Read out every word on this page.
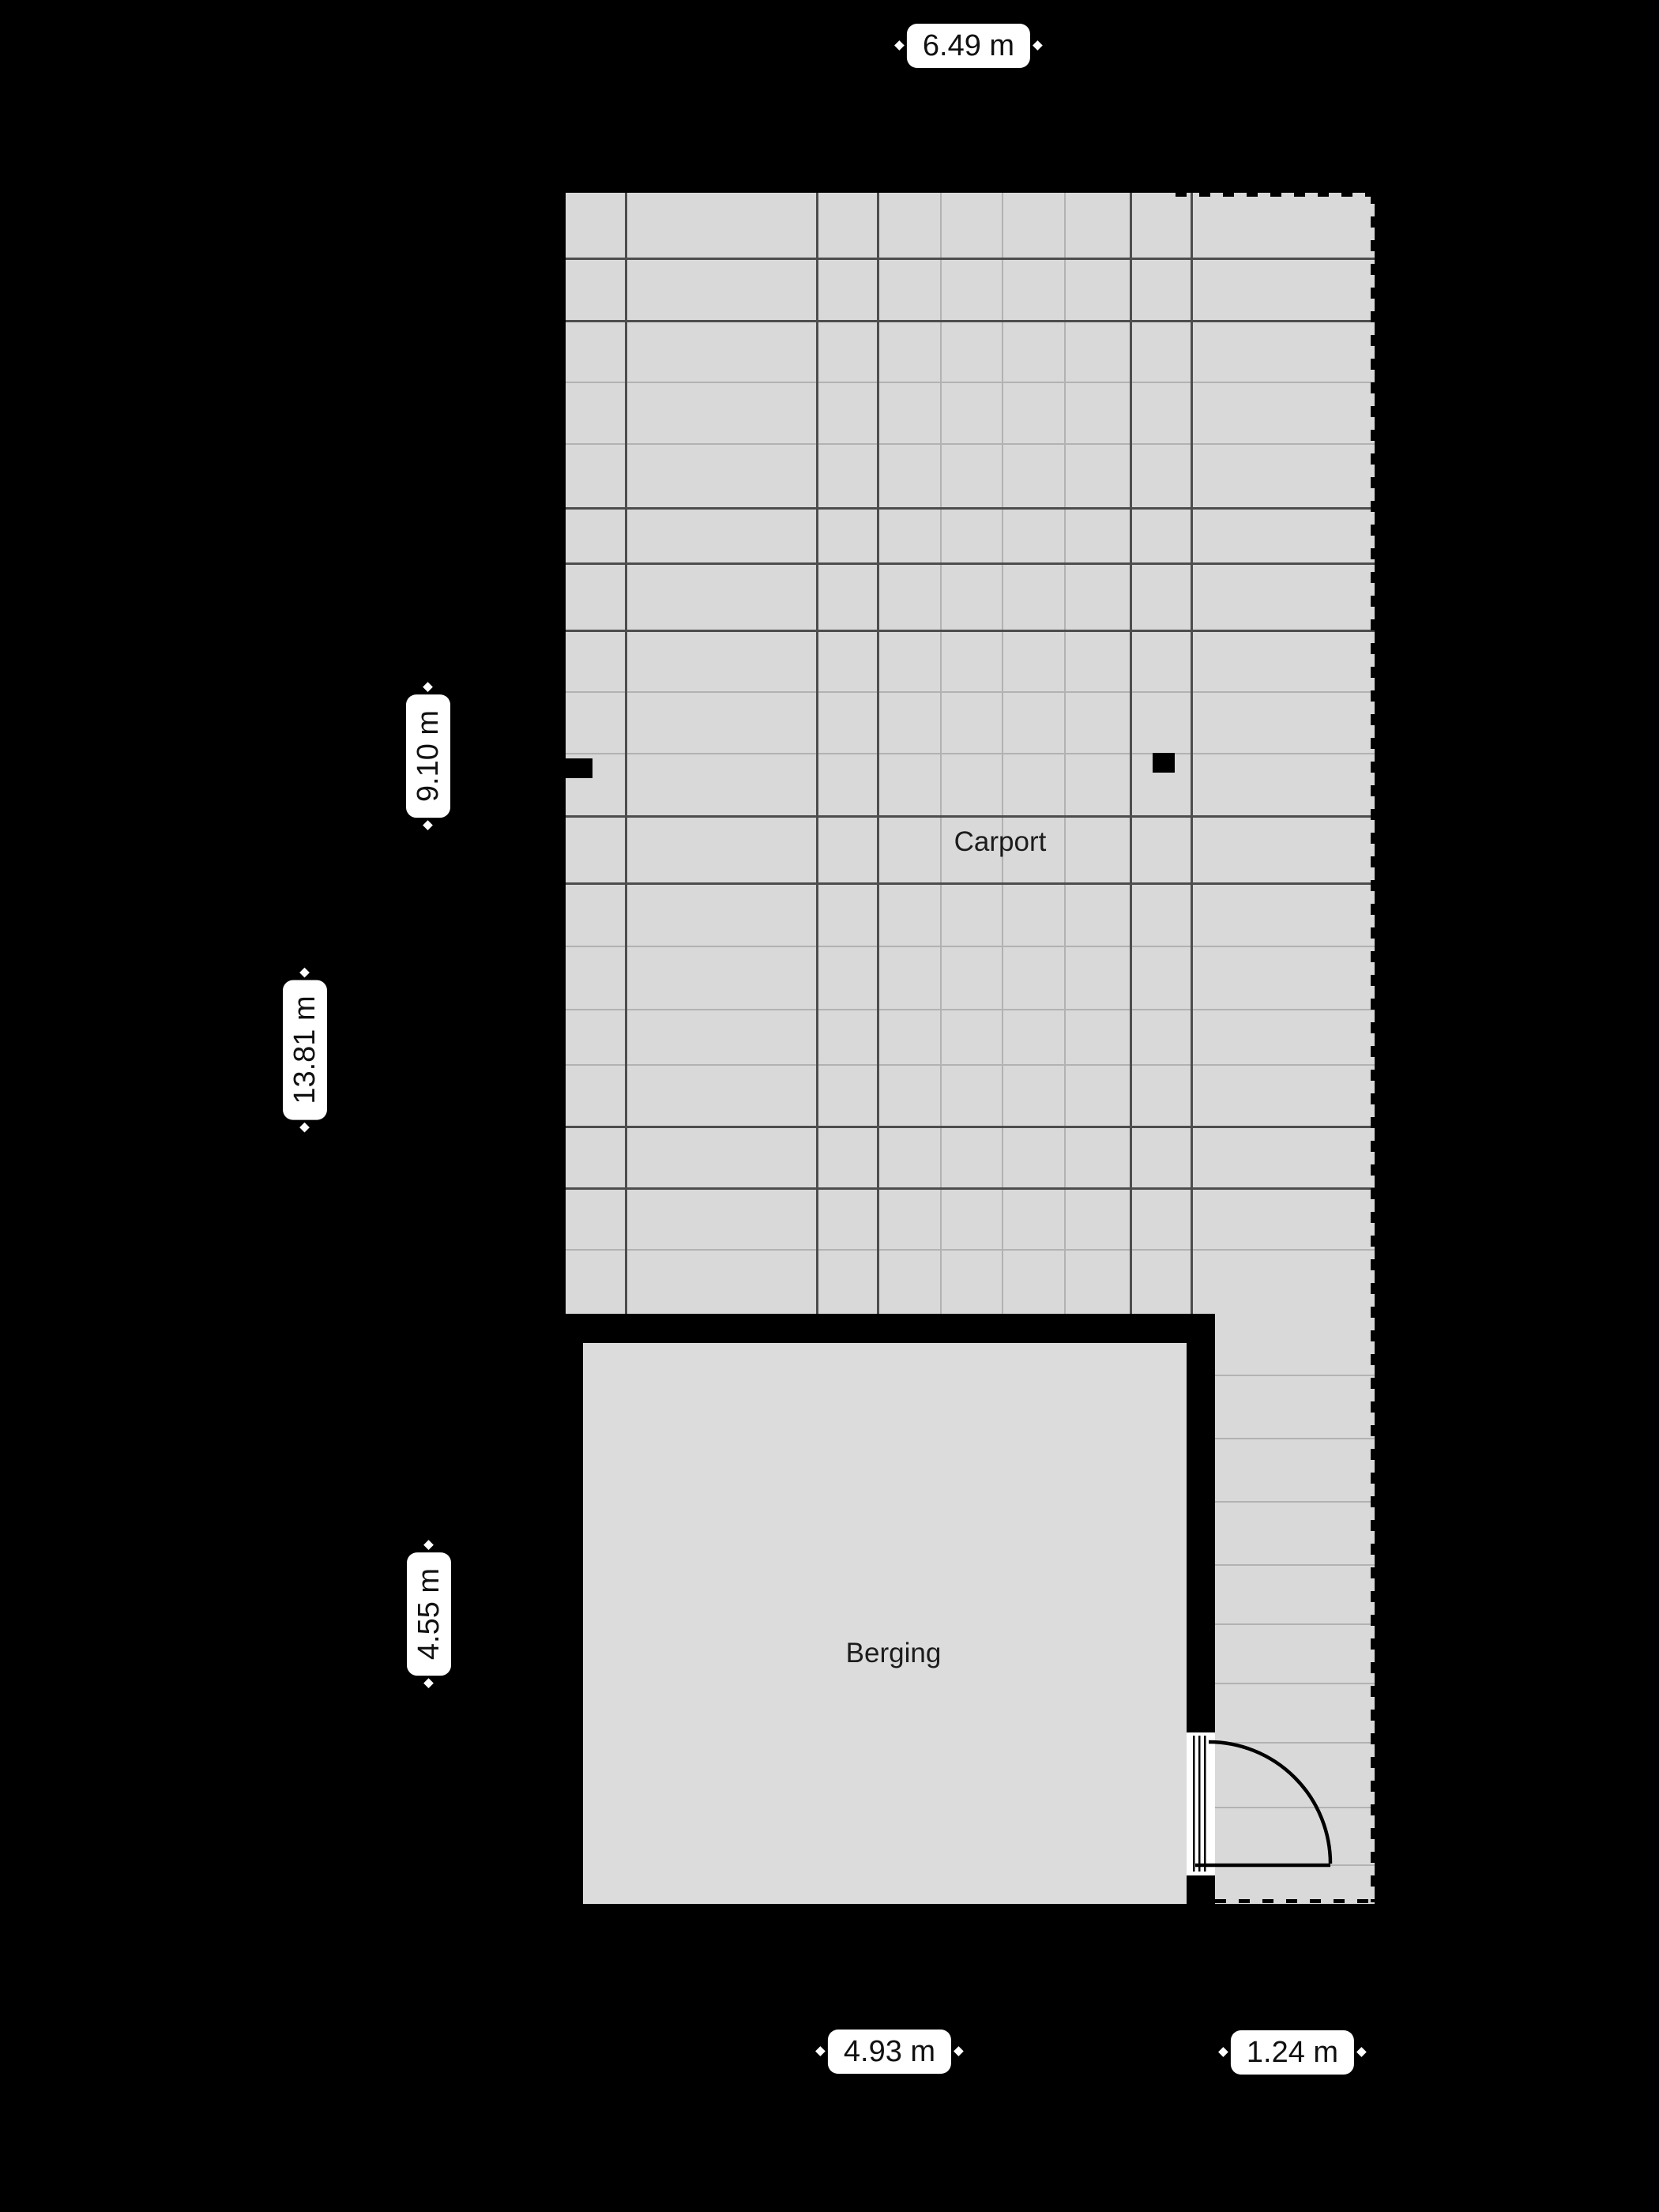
Carport
Berging
6.49 m
9.10 m
13.81 m
4.55 m
4.93 m	1.24 m
